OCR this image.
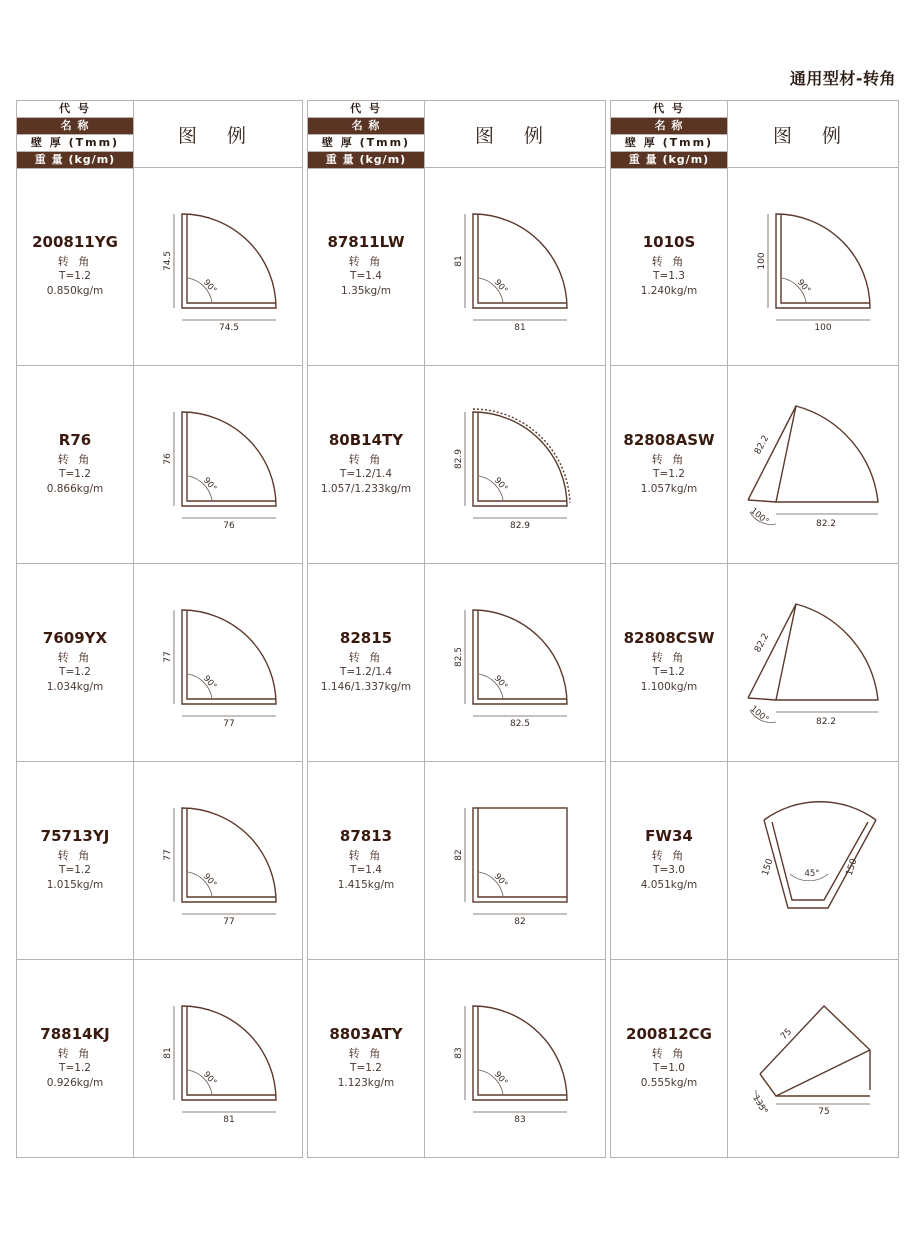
通用型材-转角
代 号
名 称
壁 厚 (Tmm)
重 量 (kg/m)
图 例
200811YG
转 角
T=1.2
0.850kg/m
74.5
74.5
90°
R76
转 角
T=1.2
0.866kg/m
76
76
90°
7609YX
转 角
T=1.2
1.034kg/m
77
77
90°
75713YJ
转 角
T=1.2
1.015kg/m
77
77
90°
78814KJ
转 角
T=1.2
0.926kg/m
81
81
90°
代 号
名 称
壁 厚 (Tmm)
重 量 (kg/m)
图 例
87811LW
转 角
T=1.4
1.35kg/m
81
81
90°
80B14TY
转 角
T=1.2/1.4
1.057/1.233kg/m
82.9
82.9
90°
82815
转 角
T=1.2/1.4
1.146/1.337kg/m
82.5
82.5
90°
87813
转 角
T=1.4
1.415kg/m
82
82
90°
8803ATY
转 角
T=1.2
1.123kg/m
83
83
90°
代 号
名 称
壁 厚 (Tmm)
重 量 (kg/m)
图 例
1010S
转 角
T=1.3
1.240kg/m
100
100
90°
82808ASW
转 角
T=1.2
1.057kg/m
82.2
82.2
100°
82808CSW
转 角
T=1.2
1.100kg/m
82.2
82.2
100°
FW34
转 角
T=3.0
4.051kg/m
150	150
45°
200812CG
转 角
T=1.0
0.555kg/m
75
75
135°
